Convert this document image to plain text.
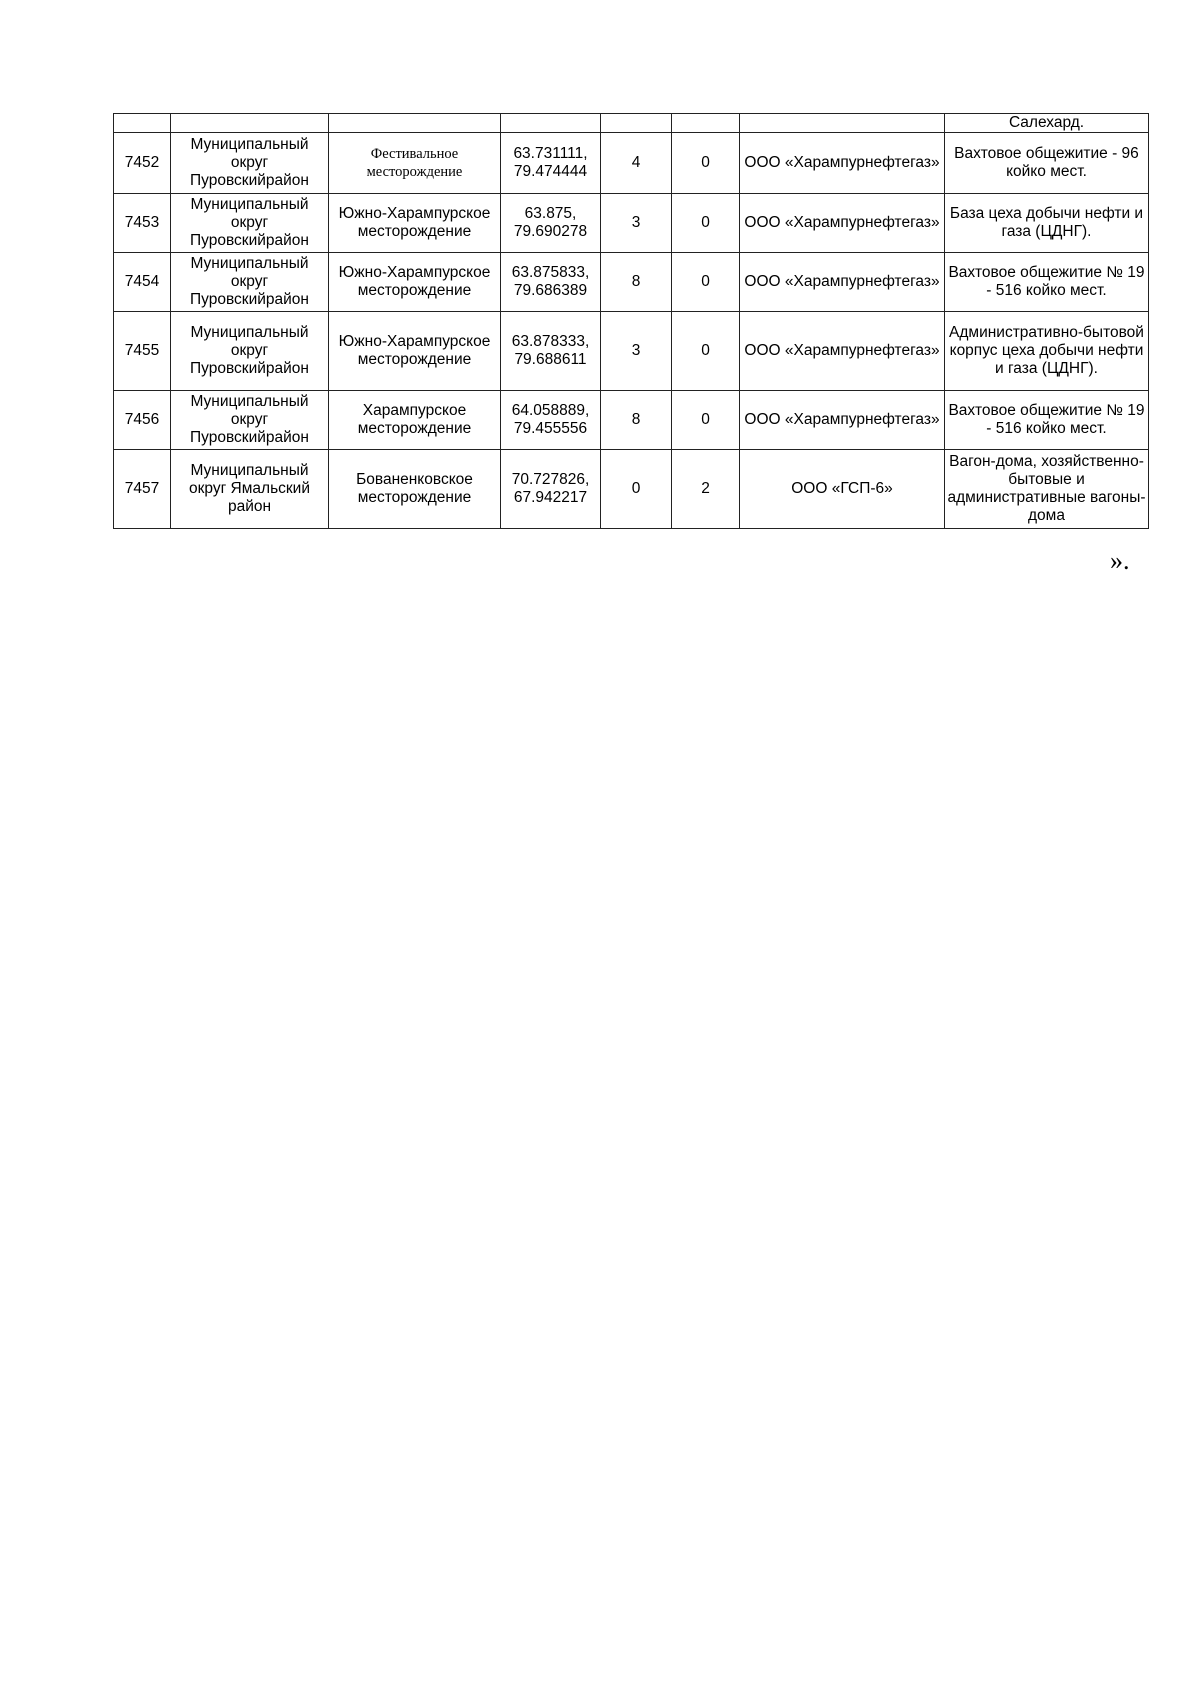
							Салехард.
7452	Муниципальный округ Пуровскийрайон	Фестивальное месторождение	63.731111, 79.474444	4	0	ООО «Харампурнефтегаз»	Вахтовое общежитие - 96 койко мест.
7453	Муниципальный округ Пуровскийрайон	Южно-Харампурское месторождение	63.875, 79.690278	3	0	ООО «Харампурнефтегаз»	База цеха добычи нефти и газа (ЦДНГ).
7454	Муниципальный округ Пуровскийрайон	Южно-Харампурское месторождение	63.875833, 79.686389	8	0	ООО «Харампурнефтегаз»	Вахтовое общежитие № 19 - 516 койко мест.
7455	Муниципальный округ Пуровскийрайон	Южно-Харампурское месторождение	63.878333, 79.688611	3	0	ООО «Харампурнефтегаз»	Административно-бытовой корпус цеха добычи нефти и газа (ЦДНГ).
7456	Муниципальный округ Пуровскийрайон	Харампурское месторождение	64.058889, 79.455556	8	0	ООО «Харампурнефтегаз»	Вахтовое общежитие № 19 - 516 койко мест.
7457	Муниципальный округ Ямальский район	Бованенковское месторождение	70.727826, 67.942217	0	2	ООО «ГСП-6»	Вагон-дома, хозяйственно-бытовые и административные вагоны-дома
».
